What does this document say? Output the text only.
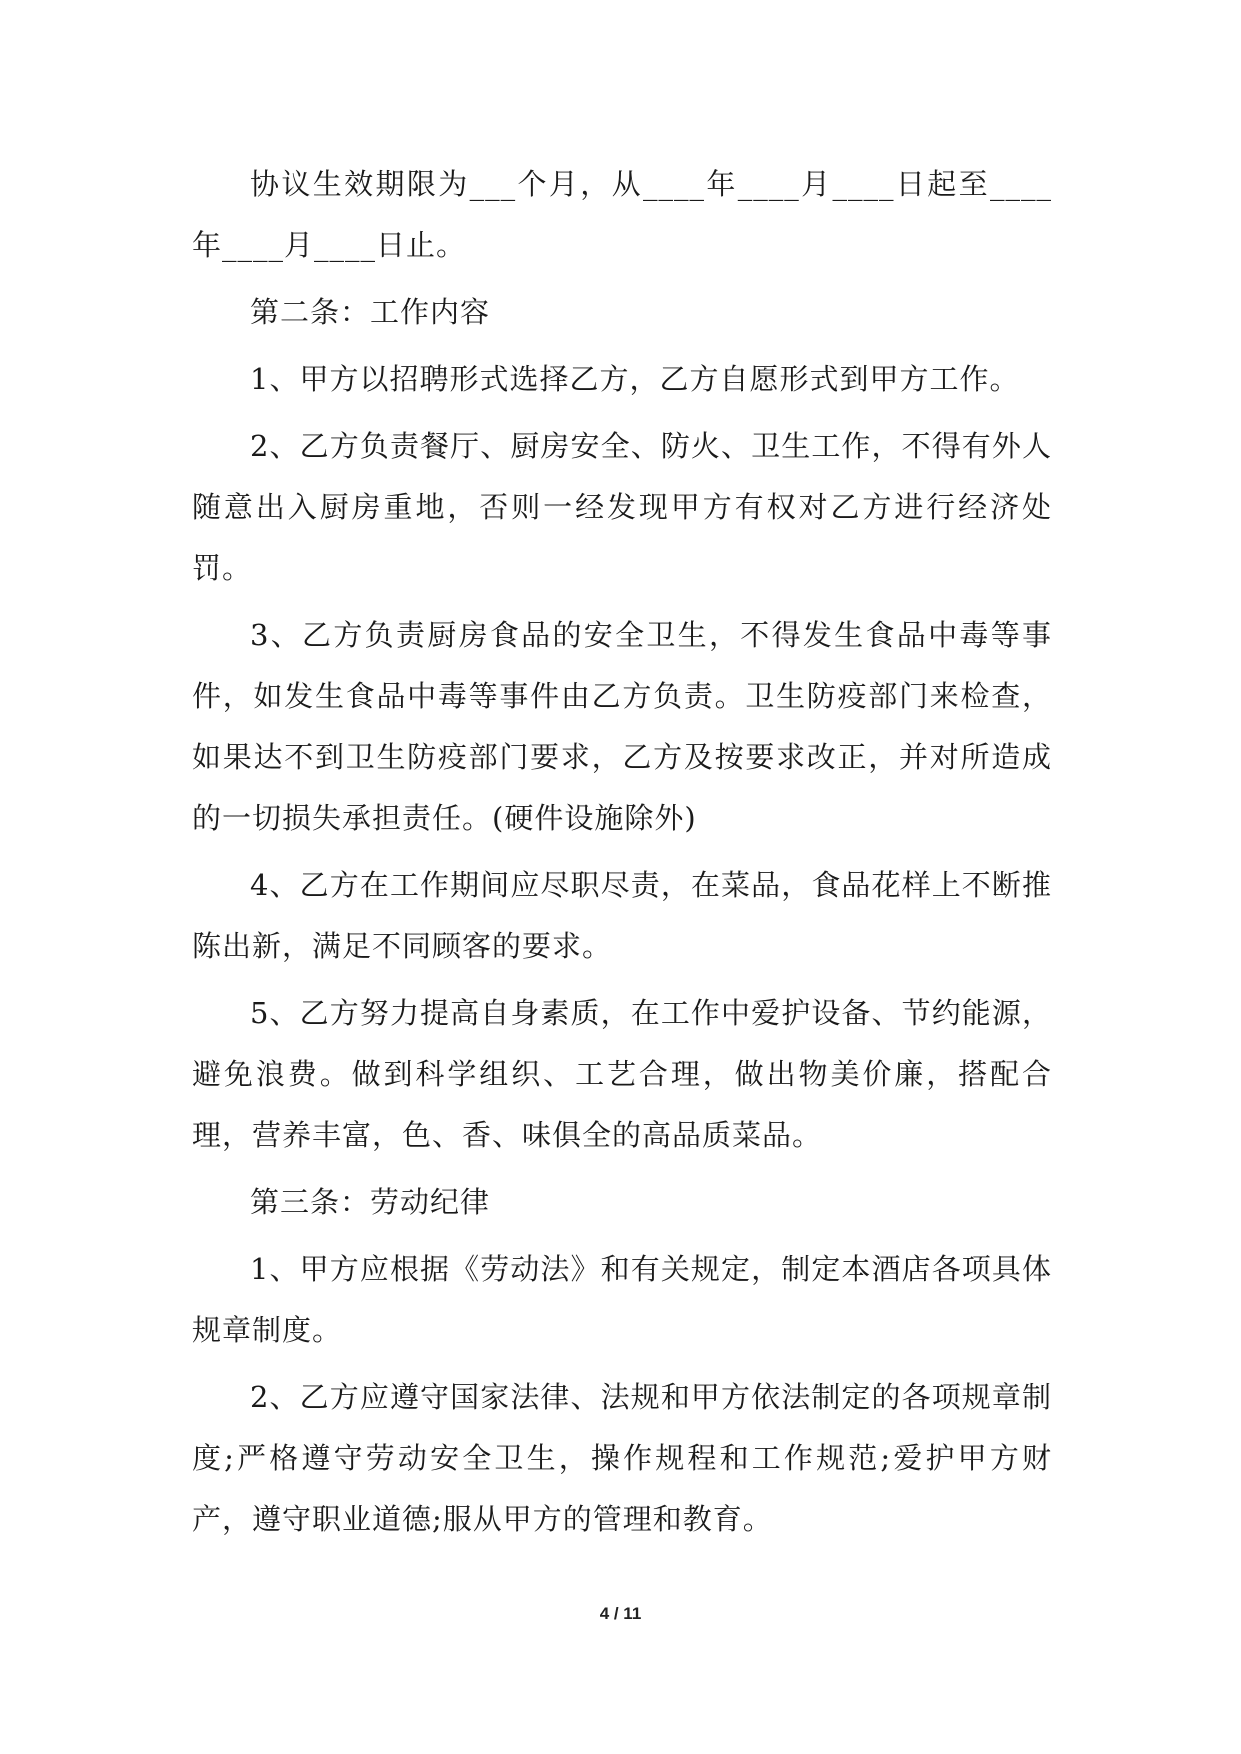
协议生效期限为___个月，从____年____月____日起至____年____月____日止。

第二条：工作内容

1、甲方以招聘形式选择乙方，乙方自愿形式到甲方工作。

2、乙方负责餐厅、厨房安全、防火、卫生工作，不得有外人随意出入厨房重地，否则一经发现甲方有权对乙方进行经济处罚。

3、乙方负责厨房食品的安全卫生，不得发生食品中毒等事件，如发生食品中毒等事件由乙方负责。卫生防疫部门来检查，如果达不到卫生防疫部门要求，乙方及按要求改正，并对所造成的一切损失承担责任。(硬件设施除外)

4、乙方在工作期间应尽职尽责，在菜品，食品花样上不断推陈出新，满足不同顾客的要求。

5、乙方努力提高自身素质，在工作中爱护设备、节约能源，避免浪费。做到科学组织、工艺合理，做出物美价廉，搭配合理，营养丰富，色、香、味俱全的高品质菜品。

第三条：劳动纪律

1、甲方应根据《劳动法》和有关规定，制定本酒店各项具体规章制度。

2、乙方应遵守国家法律、法规和甲方依法制定的各项规章制度;严格遵守劳动安全卫生，操作规程和工作规范;爱护甲方财产，遵守职业道德;服从甲方的管理和教育。

4 / 11
